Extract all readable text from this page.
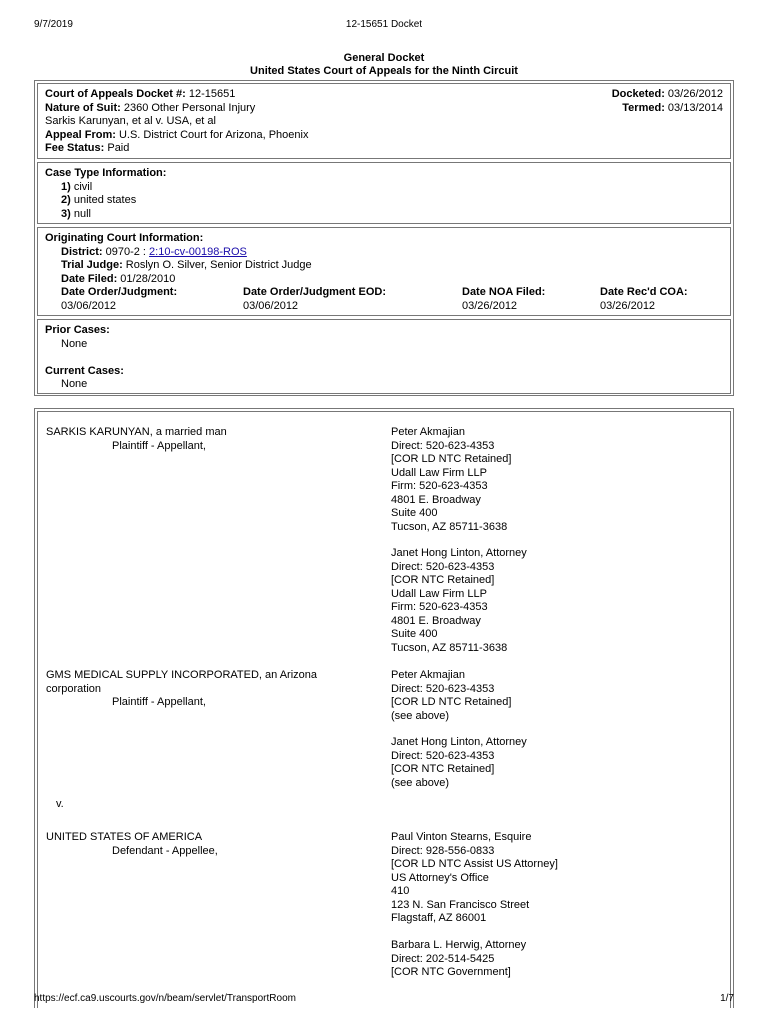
9/7/2019	12-15651 Docket
General Docket
United States Court of Appeals for the Ninth Circuit
Court of Appeals Docket #: 12-15651
Nature of Suit: 2360 Other Personal Injury
Sarkis Karunyan, et al v. USA, et al
Appeal From: U.S. District Court for Arizona, Phoenix
Fee Status: Paid
Docketed: 03/26/2012
Termed: 03/13/2014
Case Type Information:
1) civil
2) united states
3) null
Originating Court Information:
District: 0970-2 : 2:10-cv-00198-ROS
Trial Judge: Roslyn O. Silver, Senior District Judge
Date Filed: 01/28/2010
Date Order/Judgment:
03/06/2012
Date Order/Judgment EOD:
03/06/2012
Date NOA Filed:
03/26/2012
Date Rec'd COA:
03/26/2012
Prior Cases:
None
Current Cases:
None
SARKIS KARUNYAN, a married man
Plaintiff - Appellant,
Peter Akmajian
Direct: 520-623-4353
[COR LD NTC Retained]
Udall Law Firm LLP
Firm: 520-623-4353
4801 E. Broadway
Suite 400
Tucson, AZ 85711-3638
Janet Hong Linton, Attorney
Direct: 520-623-4353
[COR NTC Retained]
Udall Law Firm LLP
Firm: 520-623-4353
4801 E. Broadway
Suite 400
Tucson, AZ 85711-3638
GMS MEDICAL SUPPLY INCORPORATED, an Arizona
corporation
Plaintiff - Appellant,
Peter Akmajian
Direct: 520-623-4353
[COR LD NTC Retained]
(see above)
Janet Hong Linton, Attorney
Direct: 520-623-4353
[COR NTC Retained]
(see above)
v.
UNITED STATES OF AMERICA
Defendant - Appellee,
Paul Vinton Stearns, Esquire
Direct: 928-556-0833
[COR LD NTC Assist US Attorney]
US Attorney's Office
410
123 N. San Francisco Street
Flagstaff, AZ 86001
Barbara L. Herwig, Attorney
Direct: 202-514-5425
[COR NTC Government]
https://ecf.ca9.uscourts.gov/n/beam/servlet/TransportRoom	1/7
